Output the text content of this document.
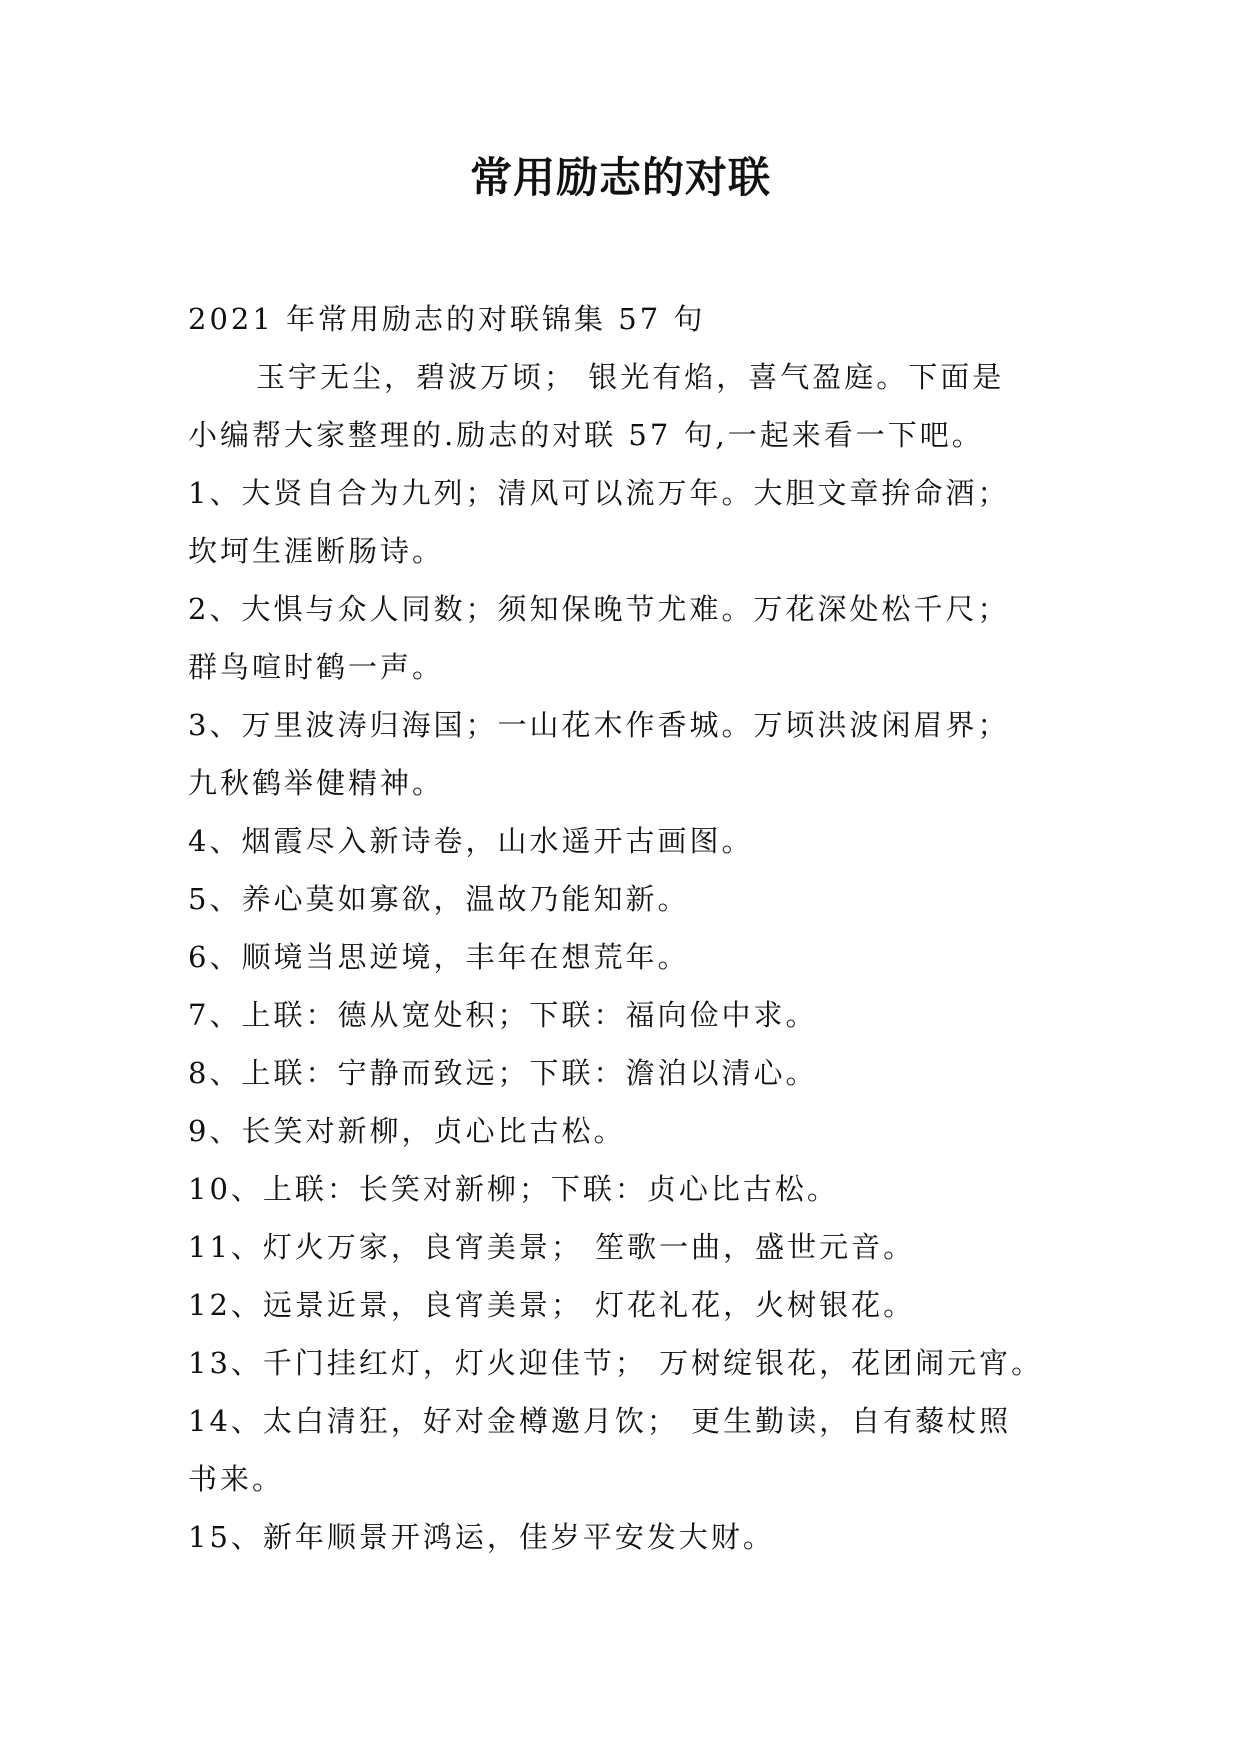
常用励志的对联
2021 年常用励志的对联锦集 57 句
玉宇无尘，碧波万顷； 银光有焰，喜气盈庭。下面是
小编帮大家整理的.励志的对联 57 句,一起来看一下吧。
1、大贤自合为九列；清风可以流万年。大胆文章拚命酒；
坎坷生涯断肠诗。
2、大惧与众人同数；须知保晚节尤难。万花深处松千尺；
群鸟喧时鹤一声。
3、万里波涛归海国；一山花木作香城。万顷洪波闲眉界；
九秋鹤举健精神。
4、烟霞尽入新诗卷，山水遥开古画图。
5、养心莫如寡欲，温故乃能知新。
6、顺境当思逆境，丰年在想荒年。
7、上联：德从宽处积；下联：福向俭中求。
8、上联：宁静而致远；下联：澹泊以清心。
9、长笑对新柳，贞心比古松。
10、上联：长笑对新柳；下联：贞心比古松。
11、灯火万家，良宵美景； 笙歌一曲，盛世元音。
12、远景近景，良宵美景； 灯花礼花，火树银花。
13、千门挂红灯，灯火迎佳节； 万树绽银花，花团闹元宵。
14、太白清狂，好对金樽邀月饮； 更生勤读，自有藜杖照
书来。
15、新年顺景开鸿运，佳岁平安发大财。
